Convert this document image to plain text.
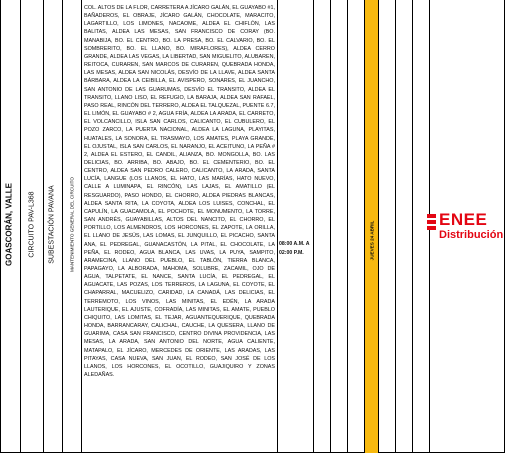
GOASCORÁN, VALLE CIRCUITO PAV-L368 SUBESTACIÓN PAVANA	MANTENIMIENTO GENERAL DEL CIRCUITO
COL. ALTOS DE LA FLOR, CARRETERA A JÍCARO GALÁN, EL GUAYABO #1, BAÑADEROS, EL OBRAJE, JÍCARO GALÁN, CHOCOLATE, MARACITO, LAGARTILLO, LOS LIMONES, NACAOME, ALDEA EL CHIFLÓN, LAS BALITAS, ALDEA LAS MESAS, SAN FRANCISCO DE CORAY (BO. MANABIJA, BO. EL CENTRO, BO. LA PRESA, BO. EL CALVARIO, BO. EL SOMBRERITO, BO. EL LLANO, BO. MIRAFLORES), ALDEA CERRO GRANDE, ALDEA LAS VEGAS, LA LIBERTAD, SAN MIGUELITO, ALUBAREN, REITOCA, CURAREN, SAN MARCOS DE CURAREN, QUEBRADA HONDA, LAS MESAS, ALDEA SAN NICOLÁS, DESVÍO DE LA LLAVE, ALDEA SANTA BÁRBARA, ALDEA LA CEIBILLA, EL AVISPERO, SONARES, EL JUANCHO, SAN ANTONIO DE LAS GUARUMAS, DESVÍO EL TRANSITO, ALDEA EL TRANSITO, LLANO LISO, EL REFUGIO, LA BARAJA, ALDEA SAN RAFAEL, PASO REAL, RINCÓN DEL TERRERO, ALDEA EL TALQUEZAL, PUENTE 6.7, EL LIMÓN, EL GUAYABO # 2, AGUA FRÍA, ALDEA LA ARADA, EL CARRETO, EL VOLCANCILLO, ISLA SAN CARLOS, CALICANTO, EL CUBULERO, EL POZO ZARCO, LA PUERTA NACIONAL, ALDEA LA LAGUNA, PLAYITAS, HUATALES, LA SONORA, EL TRASMAYO, LOS AMATES, PLAYA GRANDE, EL OJUSTAL, ISLA SAN CARLOS, EL NARANJO, EL ACEITUNO, LA PEÑA # 2, ALDEA EL ESTERO, EL CANDIL, ALIANZA, BO. MONGOLLA, BO. LAS DELICIAS, BO. ARRIBA, BO. ABAJO, BO. EL CEMENTERIO, BO. EL CENTRO, ALDEA SAN PEDRO CALERO, CALICANTO, LA ARADA, SANTA LUCÍA, LANGUE (LOS LLANOS, EL HATO, LAS MARÍAS, HATO NUEVO, CALLE A LUMINAPA, EL RINCÓN), LAS LAJAS, EL AMATILLO (EL RESGUARDO), PASO HONDO, EL CHORRO, ALDEA PIEDRAS BLANCAS, ALDEA SANTA RITA, LA COYOTA, ALDEA LOS LUISES, CONCHAL, EL CAPULÍN, LA GUACAMOLA, EL POCHOTE, EL MONUMENTO, LA TORRE, SAN ANDRÉS, GUAYABILLAS, ALTOS DEL NANCITO, EL CHORRO, EL PORTILLO, LOS ALMENDROS, LOS HORCONES, EL ZAPOTE, LA ORILLA, EL LLANO DE JESÚS, LAS LOMAS, EL JUNQUILLO, EL PICACHO, SANTA ANA, EL PEDREGAL, GUANACASTÓN, LA PITAL, EL CHOCOLATE, LA PEÑA, EL RODEO, AGUA BLANCA, LAS UVAS, LA PUYA, SAMPITO, ARAMECINA, LLANO DEL PUEBLO, EL TABLÓN, TIERRA BLANCA, PAPAGAYO, LA ALBORADA, MAHOMA, SOLUBRE, ZACAMIL, OJO DE AGUA, TALPETATE, EL NANCE, SANTA LUCÍA, EL PEDREGAL, EL AGUACATE, LAS POZAS, LOS TERREROS, LA LAGUNA, EL COYOTE, EL CHAPARRAL, MACUELIZO, CARIDAD, LA CANADÁ, LAS DELICIAS, EL TERREMOTO, LOS VINOS, LAS MINITAS, EL EDÉN, LA ARADA LAUTERIQUE, EL AJUSTE, COFRADÍA, LAS MINITAS, EL AMATE, PUEBLO CHIQUITO, LAS LOMITAS, EL TEJAR, AGUANTEQUERIQUE, QUEBRADA HONDA, BARRANCARAY, CALICHAL, CAUCHE, LA QUESERA, LLANO DE GUARIMA, CASA SAN FRANCISCO, CENTRO DIVINA PROVIDENCIA, LAS MESAS, LA ARADA, SAN ANTONIO DEL NORTE, AGUA CALIENTE, MATAPALO, EL JÍCARO, MERCEDES DE ORIENTE, LAS ARADAS, LAS PITAYAS, CASA NUEVA, SAN JUAN, EL RODEO, SAN JOSÉ DE LOS LLANOS, LOS HORCONES, EL OCOTILLO, GUAJIQUIRO Y ZONAS ALEDAÑAS.
08:00 A.M. A
02:00 P.M.	JUEVES 24 ABRIL
ENEE
Distribución
